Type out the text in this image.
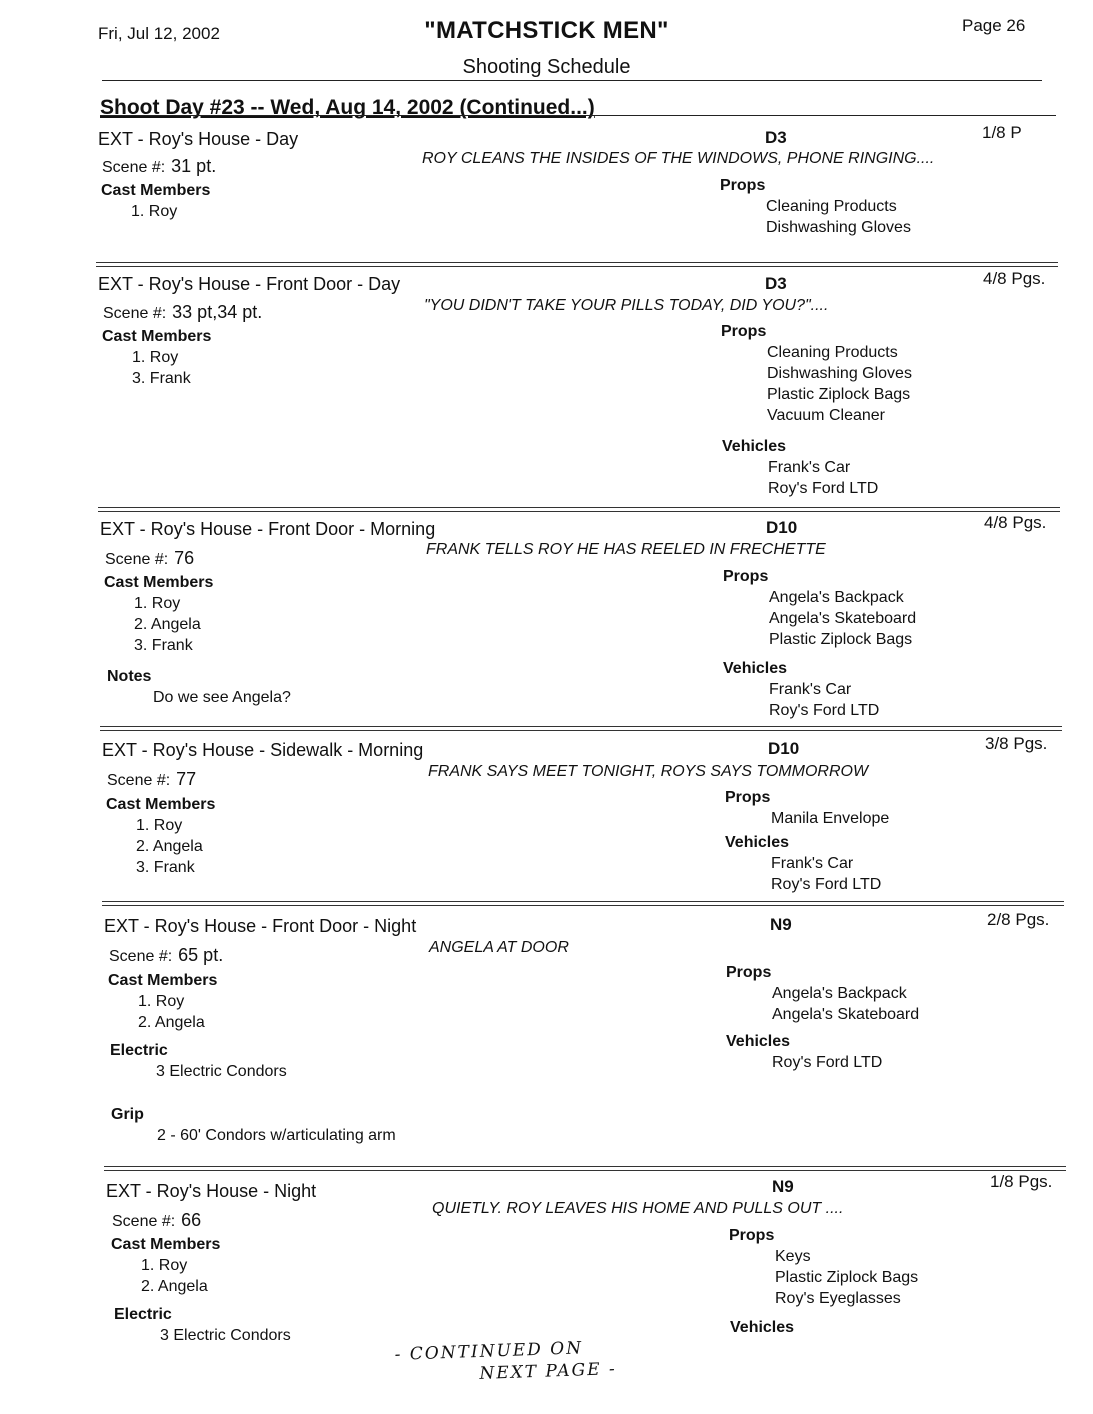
Fri, Jul 12, 2002	"MATCHSTICK MEN"	Page 26
Shooting Schedule
Shoot Day #23 -- Wed, Aug 14, 2002 (Continued...)
EXT - Roy's House - Day	D3	1/8 P
Scene #: 31 pt.	ROY CLEANS THE INSIDES OF THE WINDOWS, PHONE RINGING....
Cast Members
1. Roy
Props
Cleaning Products
Dishwashing Gloves
EXT - Roy's House - Front Door - Day	D3	4/8 Pgs.
Scene #: 33 pt,34 pt.	"YOU DIDN'T TAKE YOUR PILLS TODAY, DID YOU?"....
Cast Members
1. Roy
3. Frank
Props
Cleaning Products
Dishwashing Gloves
Plastic Ziplock Bags
Vacuum Cleaner
Vehicles
Frank's Car
Roy's Ford LTD
EXT - Roy's House - Front Door - Morning	D10	4/8 Pgs.
Scene #: 76	FRANK TELLS ROY HE HAS REELED IN FRECHETTE
Cast Members
1. Roy
2. Angela
3. Frank
Notes
Do we see Angela?
Props
Angela's Backpack
Angela's Skateboard
Plastic Ziplock Bags
Vehicles
Frank's Car
Roy's Ford LTD
EXT - Roy's House - Sidewalk - Morning	D10	3/8 Pgs.
Scene #: 77	FRANK SAYS MEET TONIGHT, ROYS SAYS TOMMORROW
Cast Members
1. Roy
2. Angela
3. Frank
Props
Manila Envelope
Vehicles
Frank's Car
Roy's Ford LTD
EXT - Roy's House - Front Door - Night	N9	2/8 Pgs.
Scene #: 65 pt.	ANGELA AT DOOR
Cast Members
1. Roy
2. Angela
Electric
3 Electric Condors
Grip
2 - 60' Condors w/articulating arm
Props
Angela's Backpack
Angela's Skateboard
Vehicles
Roy's Ford LTD
EXT - Roy's House - Night	N9	1/8 Pgs.
Scene #: 66
QUIETLY. ROY LEAVES HIS HOME AND PULLS OUT ....
Cast Members
1. Roy
2. Angela
Electric
3 Electric Condors
Props
Keys
Plastic Ziplock Bags
Roy's Eyeglasses
Vehicles
- CONTINUED ON
NEXT PAGE -
